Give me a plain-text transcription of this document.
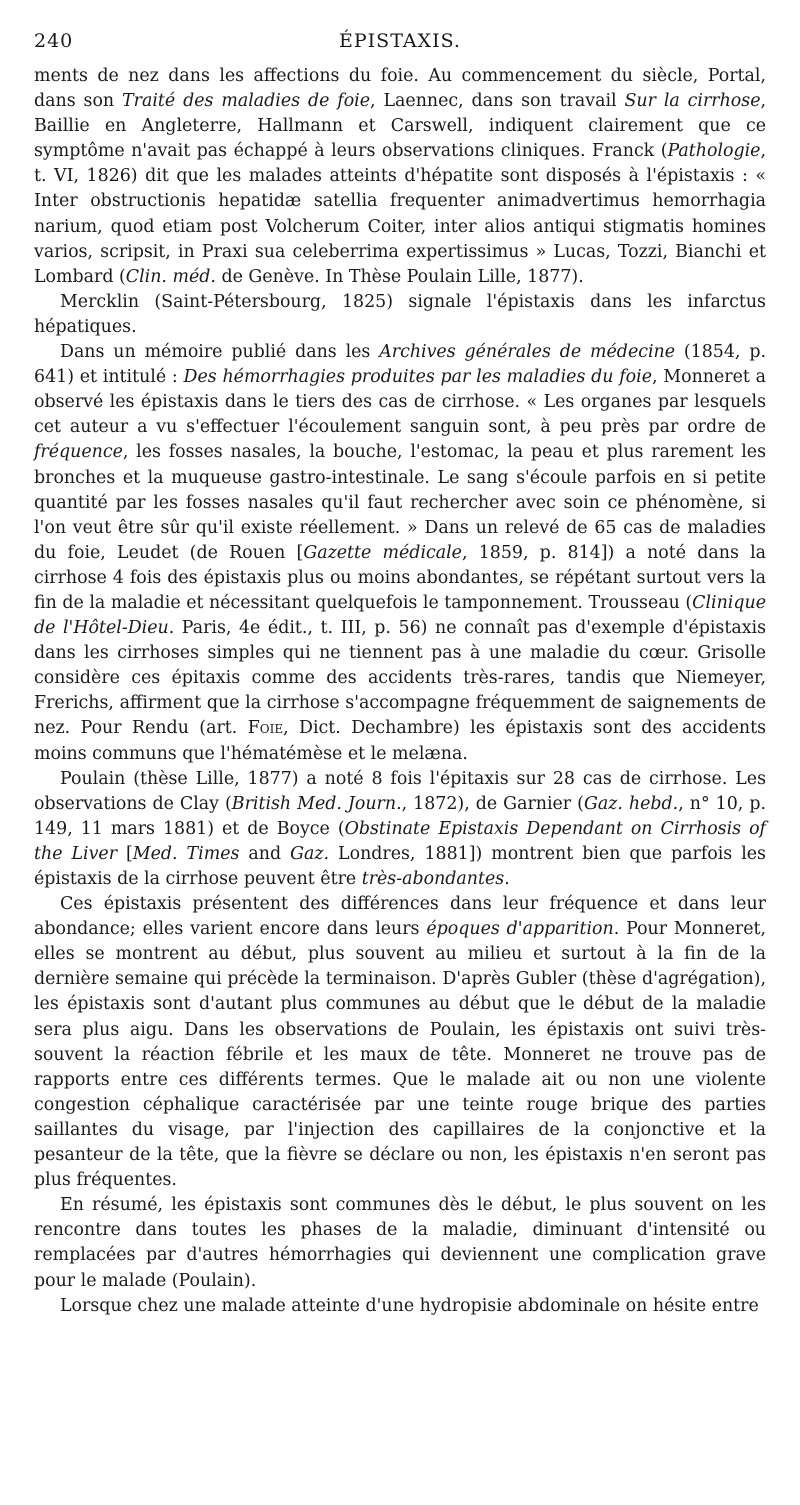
240	ÉPISTAXIS.

ments de nez dans les affections du foie. Au commencement du siècle, Portal, dans son Traité des maladies de foie, Laennec, dans son travail Sur la cirrhose, Baillie en Angleterre, Hallmann et Carswell, indiquent clairement que ce symptôme n'avait pas échappé à leurs observations cliniques. Franck (Pathologie, t. VI, 1826) dit que les malades atteints d'hépatite sont disposés à l'épistaxis : « Inter obstructionis hepatidæ satellia frequenter animadvertimus hemorrhagia narium, quod etiam post Volcherum Coiter, inter alios antiqui stigmatis homines varios, scripsit, in Praxi sua celeberrima expertissimus » Lucas, Tozzi, Bianchi et Lombard (Clin. méd. de Genève. In Thèse Poulain Lille, 1877).

Mercklin (Saint-Pétersbourg, 1825) signale l'épistaxis dans les infarctus hépatiques.

Dans un mémoire publié dans les Archives générales de médecine (1854, p. 641) et intitulé : Des hémorrhagies produites par les maladies du foie, Monneret a observé les épistaxis dans le tiers des cas de cirrhose. « Les organes par lesquels cet auteur a vu s'effectuer l'écoulement sanguin sont, à peu près par ordre de fréquence, les fosses nasales, la bouche, l'estomac, la peau et plus rarement les bronches et la muqueuse gastro-intestinale. Le sang s'écoule parfois en si petite quantité par les fosses nasales qu'il faut rechercher avec soin ce phénomène, si l'on veut être sûr qu'il existe réellement. » Dans un relevé de 65 cas de maladies du foie, Leudet (de Rouen [Gazette médicale, 1859, p. 814]) a noté dans la cirrhose 4 fois des épistaxis plus ou moins abondantes, se répétant surtout vers la fin de la maladie et nécessitant quelquefois le tamponnement. Trousseau (Clinique de l'Hôtel-Dieu. Paris, 4e édit., t. III, p. 56) ne connaît pas d'exemple d'épistaxis dans les cirrhoses simples qui ne tiennent pas à une maladie du cœur. Grisolle considère ces épitaxis comme des accidents très-rares, tandis que Niemeyer, Frerichs, affirment que la cirrhose s'accompagne fréquemment de saignements de nez. Pour Rendu (art. Foie, Dict. Dechambre) les épistaxis sont des accidents moins communs que l'hématémèse et le melæna.

Poulain (thèse Lille, 1877) a noté 8 fois l'épitaxis sur 28 cas de cirrhose. Les observations de Clay (British Med. Journ., 1872), de Garnier (Gaz. hebd., n° 10, p. 149, 11 mars 1881) et de Boyce (Obstinate Epistaxis Dependant on Cirrhosis of the Liver [Med. Times and Gaz. Londres, 1881]) montrent bien que parfois les épistaxis de la cirrhose peuvent être très-abondantes.

Ces épistaxis présentent des différences dans leur fréquence et dans leur abondance; elles varient encore dans leurs époques d'apparition. Pour Monneret, elles se montrent au début, plus souvent au milieu et surtout à la fin de la dernière semaine qui précède la terminaison. D'après Gubler (thèse d'agrégation), les épistaxis sont d'autant plus communes au début que le début de la maladie sera plus aigu. Dans les observations de Poulain, les épistaxis ont suivi très-souvent la réaction fébrile et les maux de tête. Monneret ne trouve pas de rapports entre ces différents termes. Que le malade ait ou non une violente congestion céphalique caractérisée par une teinte rouge brique des parties saillantes du visage, par l'injection des capillaires de la conjonctive et la pesanteur de la tête, que la fièvre se déclare ou non, les épistaxis n'en seront pas plus fréquentes.

En résumé, les épistaxis sont communes dès le début, le plus souvent on les rencontre dans toutes les phases de la maladie, diminuant d'intensité ou remplacées par d'autres hémorrhagies qui deviennent une complication grave pour le malade (Poulain).

Lorsque chez une malade atteinte d'une hydropisie abdominale on hésite entre
